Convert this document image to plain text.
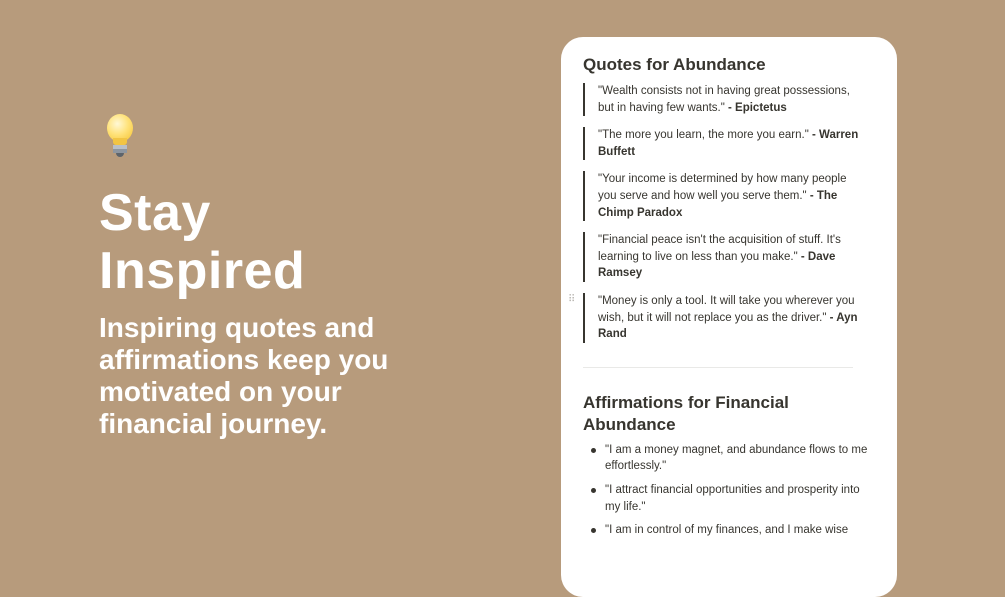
Stay
Inspired
Inspiring quotes and affirmations keep you motivated on your financial journey.
Quotes for Abundance
"Wealth consists not in having great possessions, but in having few wants." - Epictetus
"The more you learn, the more you earn." - Warren Buffett
"Your income is determined by how many people you serve and how well you serve them." - The Chimp Paradox
"Financial peace isn't the acquisition of stuff. It's learning to live on less than you make." - Dave Ramsey
⠿ "Money is only a tool. It will take you wherever you wish, but it will not replace you as the driver." - Ayn Rand
Affirmations for Financial Abundance
"I am a money magnet, and abundance flows to me effortlessly."
"I attract financial opportunities and prosperity into my life."
"I am in control of my finances, and I make wise
